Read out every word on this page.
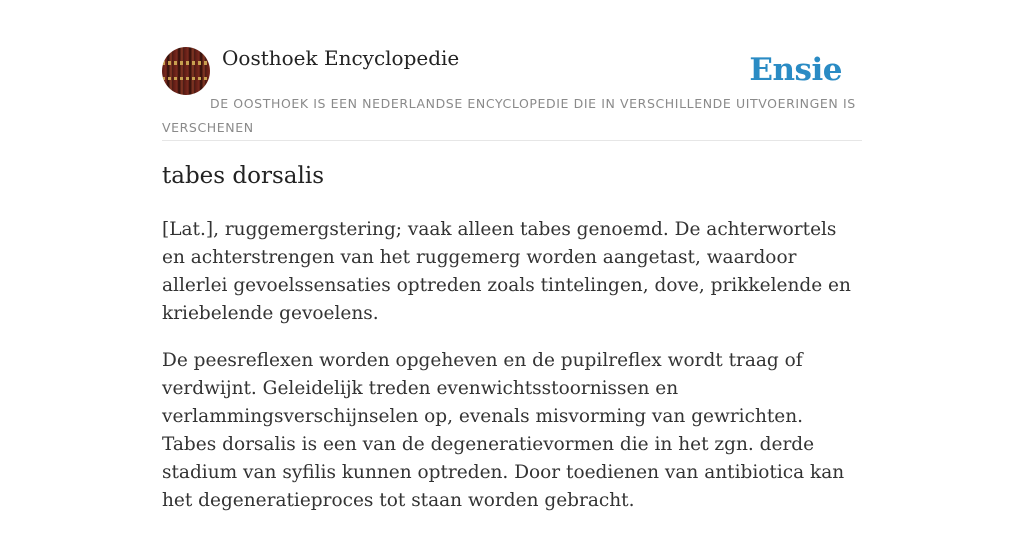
Oosthoek Encyclopedie	Ensie
DE OOSTHOEK IS EEN NEDERLANDSE ENCYCLOPEDIE DIE IN VERSCHILLENDE UITVOERINGEN IS VERSCHENEN
tabes dorsalis

[Lat.], ruggemergstering; vaak alleen tabes genoemd. De achterwortels en achterstrengen van het ruggemerg worden aangetast, waardoor allerlei gevoelssensaties optreden zoals tintelingen, dove, prikkelende en kriebelende gevoelens.

De peesreflexen worden opgeheven en de pupilreflex wordt traag of verdwijnt. Geleidelijk treden evenwichtsstoornissen en verlammingsverschijnselen op, evenals misvorming van gewrichten. Tabes dorsalis is een van de degeneratievormen die in het zgn. derde stadium van syfilis kunnen optreden. Door toedienen van antibiotica kan het degeneratieproces tot staan worden gebracht.
